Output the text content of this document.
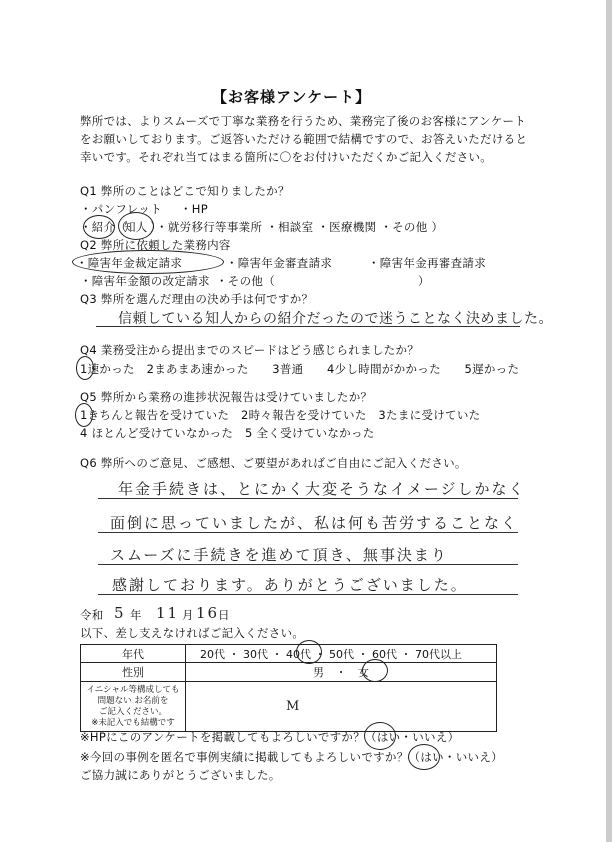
【お客様アンケート】
弊所では、よりスムーズで丁寧な業務を行うため、業務完了後のお客様にアンケート
をお願いしております。ご返答いただける範囲で結構ですので、お答えいただけると
幸いです。それぞれ当てはまる箇所に〇をお付けいただくかご記入ください。
Q1 弊所のことはどこで知りましたか？
・パンフレット ・HP
・紹介（
知人 ）・就労移行等事業所 ・相談室 ・医療機関 ・その他 ）
Q2 弊所に依頼した業務内容
・障害年金裁定請求	・障害年金審査請求	・障害年金再審査請求
・障害年金額の改定請求 ・その他（	）
Q3 弊所を選んだ理由の決め手は何ですか？
信頼している知人からの紹介だったので迷うことなく決めました。
Q4 業務受注から提出までのスピードはどう感じられましたか？
1速かった　2まあまあ速かった　　3普通　　4少し時間がかかった　　5遅かった
Q5 弊所から業務の進捗状況報告は受けていましたか？
1きちんと報告を受けていた　2時々報告を受けていた　3たまに受けていた
4 ほとんど受けていなかった　5 全く受けていなかった
Q6 弊所へのご意見、ご感想、ご要望があればご自由にご記入ください。
年金手続きは、とにかく大変そうなイメージしかなく
面倒に思っていましたが、私は何も苦労することなく
スムーズに手続きを進めて頂き、無事決まり
感謝しております。ありがとうございました。
令和 5 年 11 月 16
日
以下、差し支えなければご記入ください。
年代	20代 ・ 30代 ・ 40代 ・ 50代 ・ 60代 ・ 70代以上
性別	男 ・ 女

イニシャル等構成しても
問題ない お名前を
ご記入ください。
※未記入でも結構です	M
※HPにこのアンケートを掲載してもよろしいですか？（はい・いいえ）
※今回の事例を匿名で事例実績に掲載してもよろしいですか？（はい・いいえ）
ご協力誠にありがとうございました。
